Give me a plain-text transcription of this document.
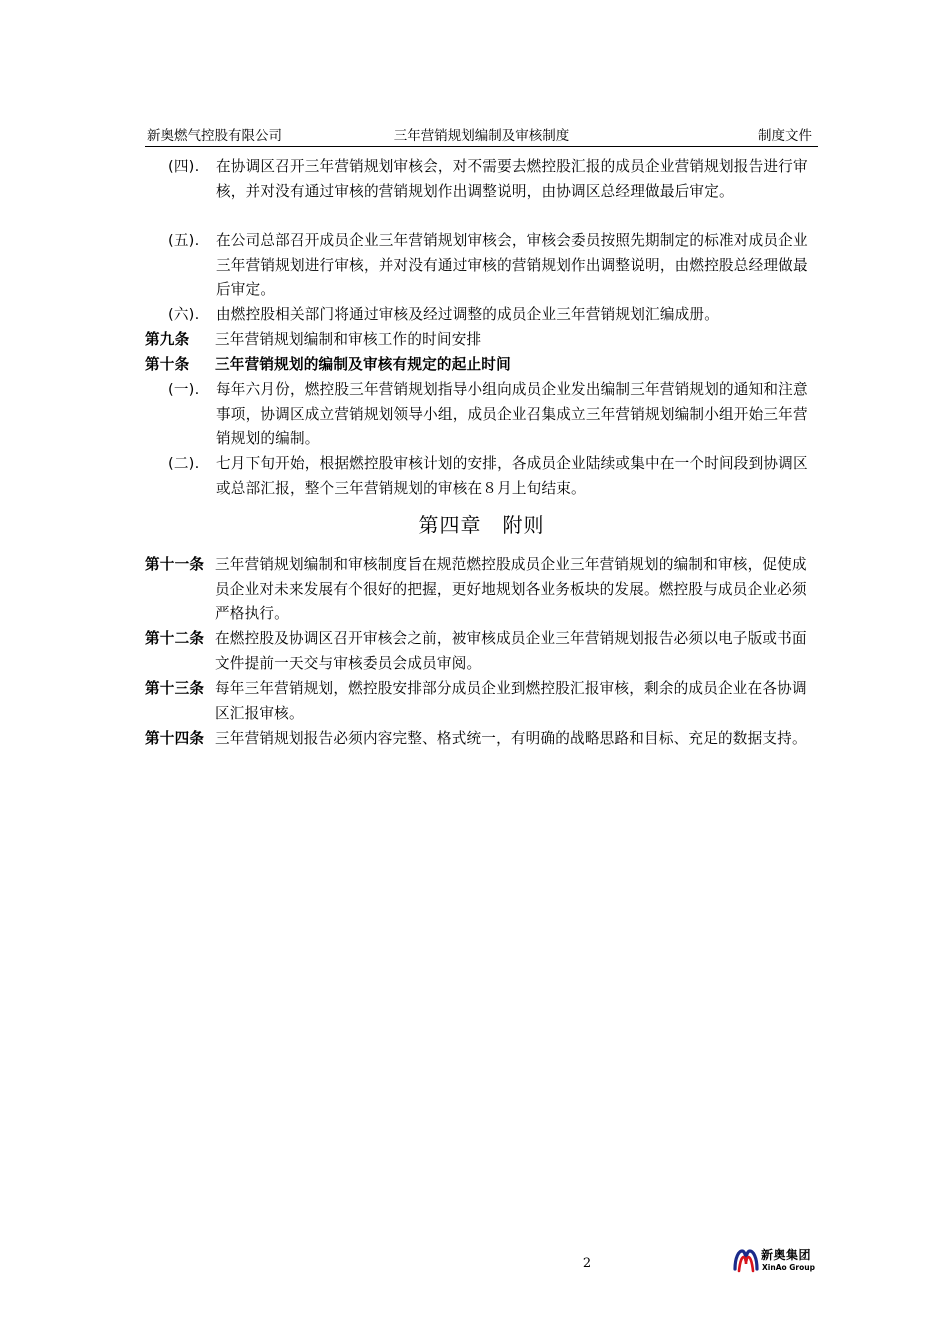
新奥燃气控股有限公司	三年营销规划编制及审核制度	制度文件
(四).	在协调区召开三年营销规划审核会，对不需要去燃控股汇报的成员企业营销规划报告进行审核，并对没有通过审核的营销规划作出调整说明，由协调区总经理做最后审定。
(五).	在公司总部召开成员企业三年营销规划审核会，审核会委员按照先期制定的标准对成员企业三年营销规划进行审核，并对没有通过审核的营销规划作出调整说明，由燃控股总经理做最后审定。
(六).	由燃控股相关部门将通过审核及经过调整的成员企业三年营销规划汇编成册。
第九条 三年营销规划编制和审核工作的时间安排
第十条 三年营销规划的编制及审核有规定的起止时间
(一).	每年六月份，燃控股三年营销规划指导小组向成员企业发出编制三年营销规划的通知和注意事项，协调区成立营销规划领导小组，成员企业召集成立三年营销规划编制小组开始三年营销规划的编制。
(二).	七月下旬开始，根据燃控股审核计划的安排，各成员企业陆续或集中在一个时间段到协调区或总部汇报，整个三年营销规划的审核在８月上旬结束。
第四章　附则
第十一条 三年营销规划编制和审核制度旨在规范燃控股成员企业三年营销规划的编制和审核，促使成员企业对未来发展有个很好的把握，更好地规划各业务板块的发展。燃控股与成员企业必须严格执行。
第十二条 在燃控股及协调区召开审核会之前，被审核成员企业三年营销规划报告必须以电子版或书面文件提前一天交与审核委员会成员审阅。
第十三条 每年三年营销规划，燃控股安排部分成员企业到燃控股汇报审核，剩余的成员企业在各协调区汇报审核。
第十四条 三年营销规划报告必须内容完整、格式统一，有明确的战略思路和目标、充足的数据支持。
2
新奥集团
XinAo Group
